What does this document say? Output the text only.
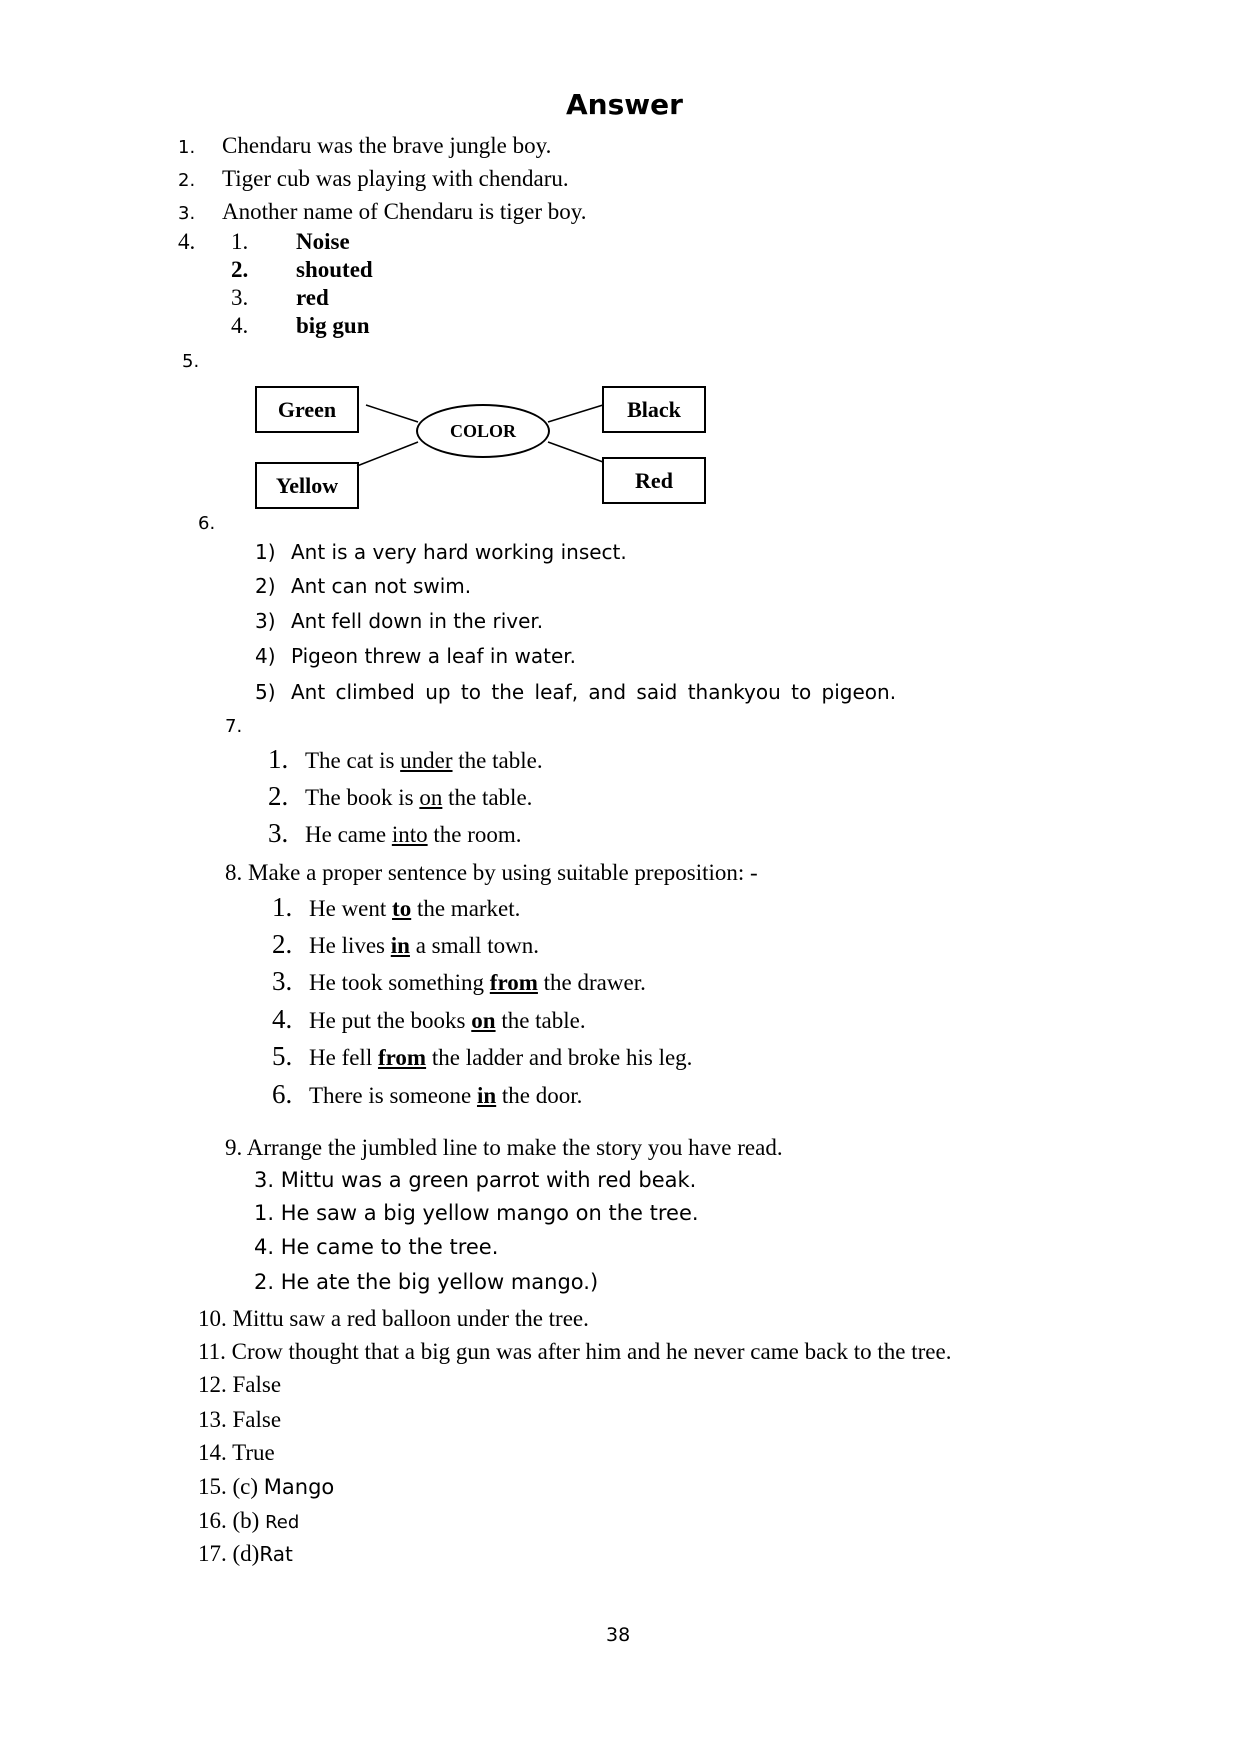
Answer
1. Chendaru was the brave jungle boy.
2. Tiger cub was playing with chendaru.
3. Another name of Chendaru is tiger boy.
4. 1. Noise
2. shouted
3. red
4. big gun
5.
Green
Yellow
Black
Red
COLOR
6.
1) Ant is a very hard working insect.
2) Ant can not swim.
3) Ant fell down in the river.
4) Pigeon threw a leaf in water.
5) Ant climbed up to the leaf, and said thankyou to pigeon.
7.
1. The cat is under the table.
2. The book is on the table.
3. He came into the room.
8. Make a proper sentence by using suitable preposition: -
1. He went to the market.
2. He lives in a small town.
3. He took something from the drawer.
4. He put the books on the table.
5. He fell from the ladder and broke his leg.
6. There is someone in the door.
9. Arrange the jumbled line to make the story you have read.
3. Mittu was a green parrot with red beak.
1. He saw a big yellow mango on the tree.
4. He came to the tree.
2. He ate the big yellow mango.)
10. Mittu saw a red balloon under the tree.
11. Crow thought that a big gun was after him and he never came back to the tree.
12. False
13. False
14. True
15. (c) Mango
16. (b) Red
17. (d)Rat
38
